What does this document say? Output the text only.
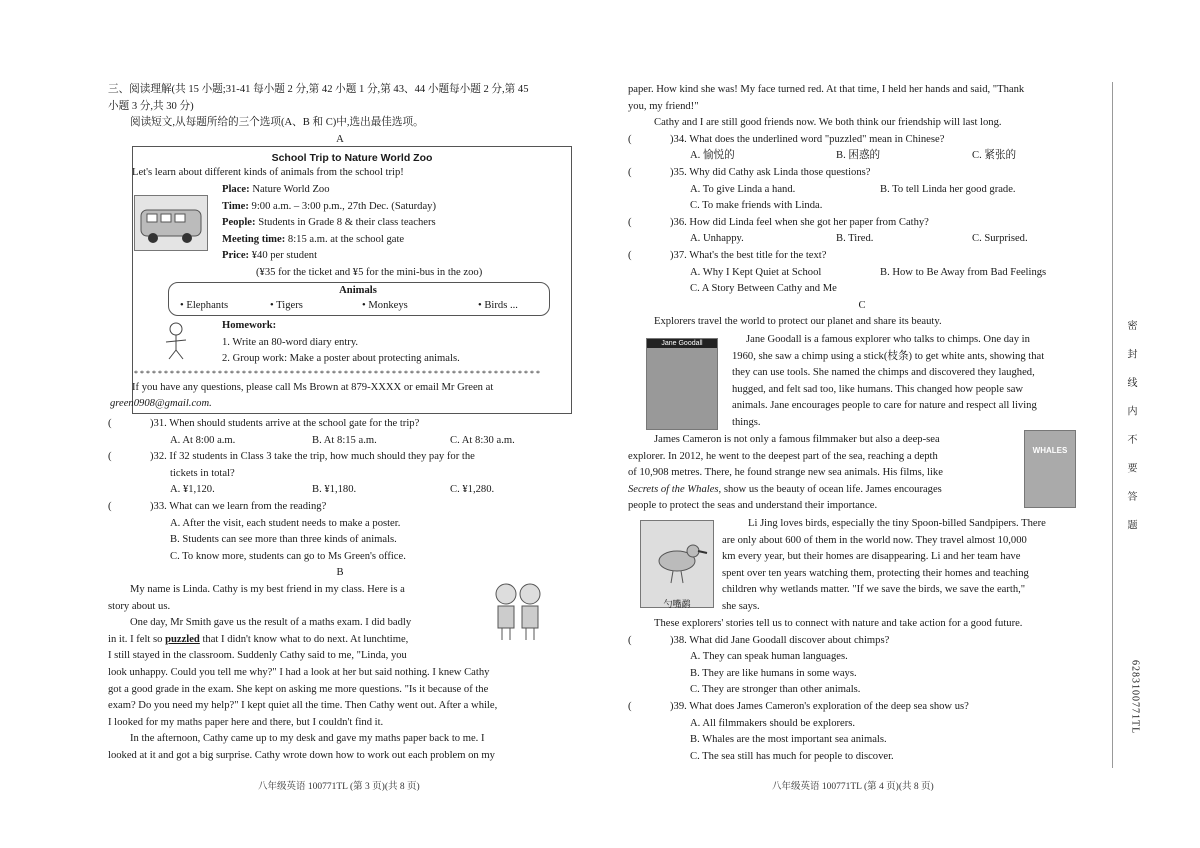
三、阅读理解(共 15 小题;31-41 每小题 2 分,第 42 小题 1 分,第 43、44 小题每小题 2 分,第 45
小题 3 分,共 30 分)
阅读短文,从每题所给的三个选项(A、B 和 C)中,选出最佳选项。
A
School Trip to Nature World Zoo
Let's learn about different kinds of animals from the school trip!
Place: Nature World Zoo
Time: 9:00 a.m. – 3:00 p.m., 27th Dec. (Saturday)
People: Students in Grade 8 & their class teachers
Meeting time: 8:15 a.m. at the school gate
Price: ¥40 per student
(¥35 for the ticket and ¥5 for the mini-bus in the zoo)
Animals
• Elephants	• Tigers	• Monkeys	• Birds ...
Homework:
1. Write an 80-word diary entry.
2. Group work: Make a poster about protecting animals.
* * * * * * * * * * * * * * * * * * * * * * * * * * * * * * * * * * * * * * * * * * * * * * * * * * * * * * * * * * * * * * * * * * * *
If you have any questions, please call Ms Brown at 879-XXXX or email Mr Green at
green0908@gmail.com.
(	)31. When should students arrive at the school gate for the trip?
A. At 8:00 a.m.	B. At 8:15 a.m.	C. At 8:30 a.m.
(	)32. If 32 students in Class 3 take the trip, how much should they pay for the
tickets in total?
A. ¥1,120.	B. ¥1,180.	C. ¥1,280.
(	)33. What can we learn from the reading?
A. After the visit, each student needs to make a poster.
B. Students can see more than three kinds of animals.
C. To know more, students can go to Ms Green's office.
B
My name is Linda. Cathy is my best friend in my class. Here is a
story about us.
One day, Mr Smith gave us the result of a maths exam. I did badly
in it. I felt so puzzled that I didn't know what to do next. At lunchtime,
I still stayed in the classroom. Suddenly Cathy said to me, "Linda, you
look unhappy. Could you tell me why?" I had a look at her but said nothing. I knew Cathy
got a good grade in the exam. She kept on asking me more questions. "Is it because of the
exam? Do you need my help?" I kept quiet all the time. Then Cathy went out. After a while,
I looked for my maths paper here and there, but I couldn't find it.
In the afternoon, Cathy came up to my desk and gave my maths paper back to me. I
looked at it and got a big surprise. Cathy wrote down how to work out each problem on my
八年级英语 100771TL (第 3 页)(共 8 页)
paper. How kind she was! My face turned red. At that time, I held her hands and said, "Thank
you, my friend!"
Cathy and I are still good friends now. We both think our friendship will last long.
(	)34. What does the underlined word "puzzled" mean in Chinese?
A. 愉悦的	B. 困惑的	C. 紧张的
(	)35. Why did Cathy ask Linda those questions?
A. To give Linda a hand.	B. To tell Linda her good grade.
C. To make friends with Linda.
(	)36. How did Linda feel when she got her paper from Cathy?
A. Unhappy.	B. Tired.	C. Surprised.
(	)37. What's the best title for the text?
A. Why I Kept Quiet at School	B. How to Be Away from Bad Feelings
C. A Story Between Cathy and Me
C
Explorers travel the world to protect our planet and share its beauty.
Jane Goodall	Jane Goodall is a famous explorer who talks to chimps. One day in
1960, she saw a chimp using a stick(枝条) to get white ants, showing that
they can use tools. She named the chimps and discovered they laughed,
hugged, and felt sad too, like humans. This changed how people saw
animals. Jane encourages people to care for nature and respect all living
things.
James Cameron is not only a famous filmmaker but also a deep-sea
explorer. In 2012, he went to the deepest part of the sea, reaching a depth
of 10,908 metres. There, he found strange new sea animals. His films, like
Secrets of the Whales, show us the beauty of ocean life. James encourages
people to protect the seas and understand their importance.
WHALES
勺嘴鹬
Li Jing loves birds, especially the tiny Spoon-billed Sandpipers. There
are only about 600 of them in the world now. They travel almost 10,000
km every year, but their homes are disappearing. Li and her team have
spent over ten years watching them, protecting their homes and teaching
children why wetlands matter. "If we save the birds, we save the earth,"
she says.
These explorers' stories tell us to connect with nature and take action for a good future.
(	)38. What did Jane Goodall discover about chimps?
A. They can speak human languages.
B. They are like humans in some ways.
C. They are stronger than other animals.
(	)39. What does James Cameron's exploration of the deep sea show us?
A. All filmmakers should be explorers.
B. Whales are the most important sea animals.
C. The sea still has much for people to discover.
八年级英语 100771TL (第 4 页)(共 8 页)
密 封 线 内 不 要 答 题
6283100771TL
